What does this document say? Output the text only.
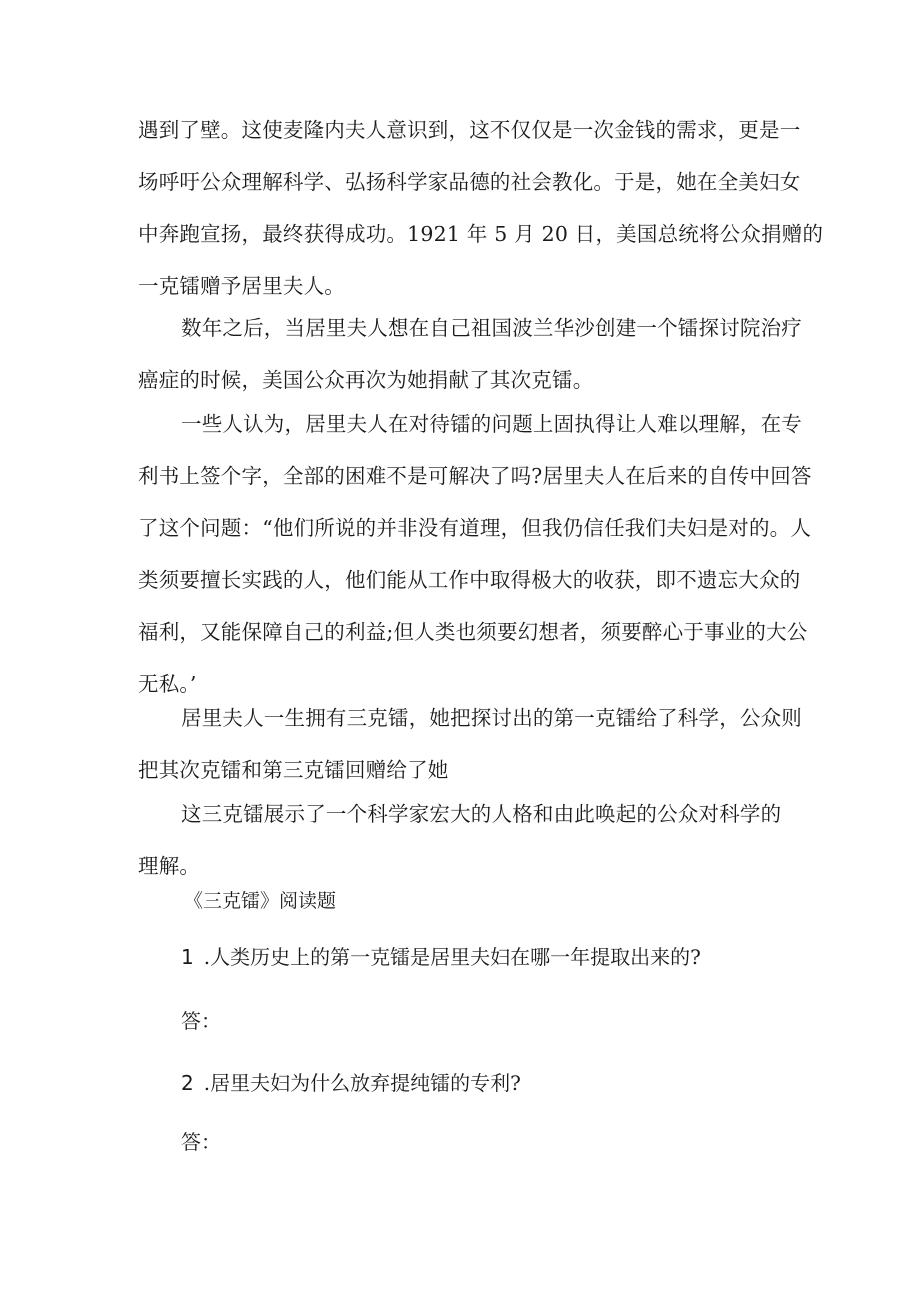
遇到了壁。这使麦隆内夫人意识到，这不仅仅是一次金钱的需求，更是一
场呼吁公众理解科学、弘扬科学家品德的社会教化。于是，她在全美妇女
中奔跑宣扬，最终获得成功。1921 年 5 月 20 日，美国总统将公众捐赠的
一克镭赠予居里夫人。
数年之后，当居里夫人想在自己祖国波兰华沙创建一个镭探讨院治疗
癌症的时候，美国公众再次为她捐献了其次克镭。
一些人认为，居里夫人在对待镭的问题上固执得让人难以理解，在专
利书上签个字，全部的困难不是可解决了吗?居里夫人在后来的自传中回答
了这个问题：“他们所说的并非没有道理，但我仍信任我们夫妇是对的。人
类须要擅长实践的人，他们能从工作中取得极大的收获，即不遗忘大众的
福利，又能保障自己的利益;但人类也须要幻想者，须要醉心于事业的大公
无私。’
居里夫人一生拥有三克镭，她把探讨出的第一克镭给了科学，公众则
把其次克镭和第三克镭回赠给了她
这三克镭展示了一个科学家宏大的人格和由此唤起的公众对科学的
理解。

《三克镭》阅读题

1 .人类历史上的第一克镭是居里夫妇在哪一年提取出来的?

答：

2 .居里夫妇为什么放弃提纯镭的专利?

答：
